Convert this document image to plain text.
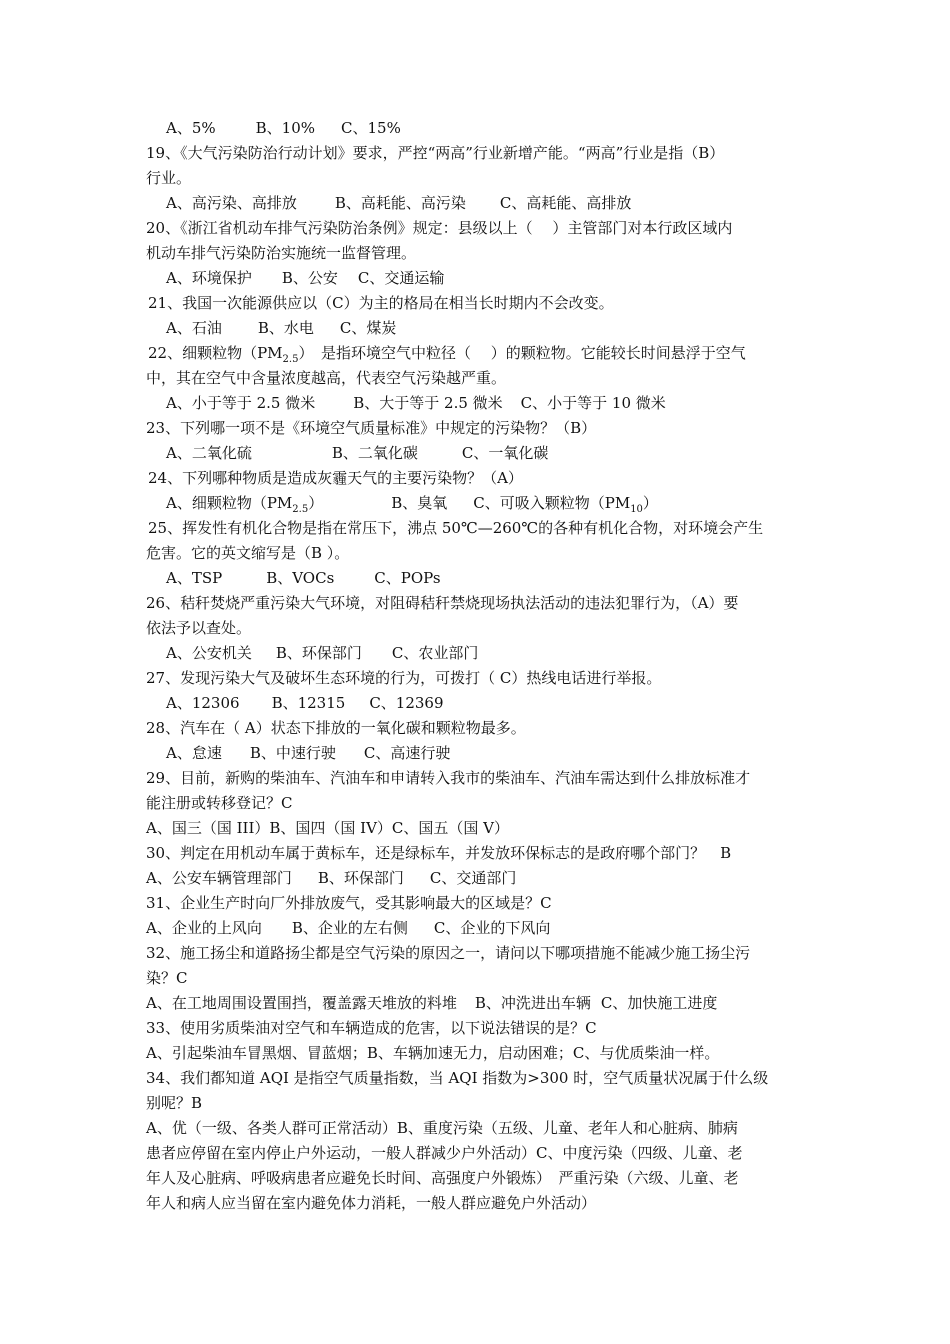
A、5%	B、10% C、15%
19、《大气污染防治行动计划》要求，严控“两高”行业新增产能。“两高”行业是指（B）
行业。
A、高污染、高排放	B、高耗能、高污染 C、高耗能、高排放
20、《浙江省机动车排气污染防治条例》规定：县级以上（　 ）主管部门对本行政区域内
机动车排气污染防治实施统一监督管理。
A、环境保护 B、公安 C、交通运输
21、我国一次能源供应以（C）为主的格局在相当长时期内不会改变。
A、石油 B、水电 C、煤炭
22、细颗粒物$(PM_{2.5})$　是指环境空气中粒径（　 ）的颗粒物。它能较长时间悬浮于空气
中，其在空气中含量浓度越高，代表空气污染越严重。
A、小于等于 2.5 微米	B、大于等于 2.5 微米 C、小于等于 10 微米
23、下列哪一项不是《环境空气质量标准》中规定的污染物？（B）
A、二氧化硫	B、二氧化碳	C、一氧化碳
24、下列哪种物质是造成灰霾天气的主要污染物？（A）
A、细颗粒物$(PM_{2.5})$	B、臭氧 C、可吸入颗粒物$(PM_{10})$
25、挥发性有机化合物是指在常压下，沸点 50℃—260℃的各种有机化合物，对环境会产生
危害。它的英文缩写是（B ）。
A、TSP	B、VOCs	C、POPs
26、秸秆焚烧严重污染大气环境，对阻碍秸秆禁烧现场执法活动的违法犯罪行为，（A）要
依法予以查处。
A、公安机关 B、环保部门 C、农业部门
27、发现污染大气及破坏生态环境的行为，可拨打（ C）热线电话进行举报。
A、12306 B、12315 C、12369
28、汽车在（ A）状态下排放的一氧化碳和颗粒物最多。
A、怠速 B、中速行驶 C、高速行驶
29、目前，新购的柴油车、汽油车和申请转入我市的柴油车、汽油车需达到什么排放标准才
能注册或转移登记？C
A、国三（国 III）B、国四（国 IV）C、国五（国 V）
30、判定在用机动车属于黄标车，还是绿标车，并发放环保标志的是政府哪个部门？　B
A、公安车辆管理部门 B、环保部门 C、交通部门
31、企业生产时向厂外排放废气，受其影响最大的区域是？C
A、企业的上风向 B、企业的左右侧 C、企业的下风向
32、施工扬尘和道路扬尘都是空气污染的原因之一，请问以下哪项措施不能减少施工扬尘污
染？C
A、在工地周围设置围挡，覆盖露天堆放的料堆 B、冲洗进出车辆 C、加快施工进度
33、使用劣质柴油对空气和车辆造成的危害，以下说法错误的是？C
A、引起柴油车冒黑烟、冒蓝烟；B、车辆加速无力，启动困难；C、与优质柴油一样。
34、我们都知道 AQI 是指空气质量指数，当 AQI 指数为>300 时，空气质量状况属于什么级
别呢？B
A、优（一级、各类人群可正常活动）B、重度污染（五级、儿童、老年人和心脏病、肺病
患者应停留在室内停止户外运动，一般人群减少户外活动）C、中度污染（四级、儿童、老
年人及心脏病、呼吸病患者应避免长时间、高强度户外锻炼）　严重污染（六级、儿童、老
年人和病人应当留在室内避免体力消耗，一般人群应避免户外活动）
